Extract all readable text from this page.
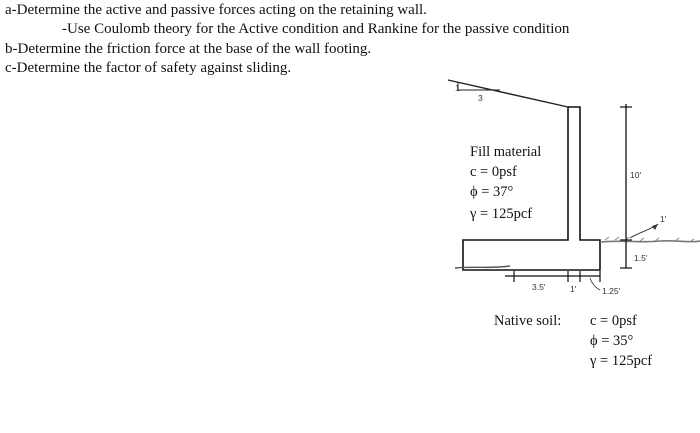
a-Determine the active and passive forces acting on the retaining wall.
-Use Coulomb theory for the Active condition and Rankine for the passive condition
b-Determine the friction force at the base of the wall footing.
c-Determine the factor of safety against sliding.
1
3
Fill material
c = 0psf
ϕ = 37°
γ = 125pcf
10'
1'
1.5'
3.5'	1'	1.25'
Native soil: c = 0psf
ϕ = 35°
γ = 125pcf
